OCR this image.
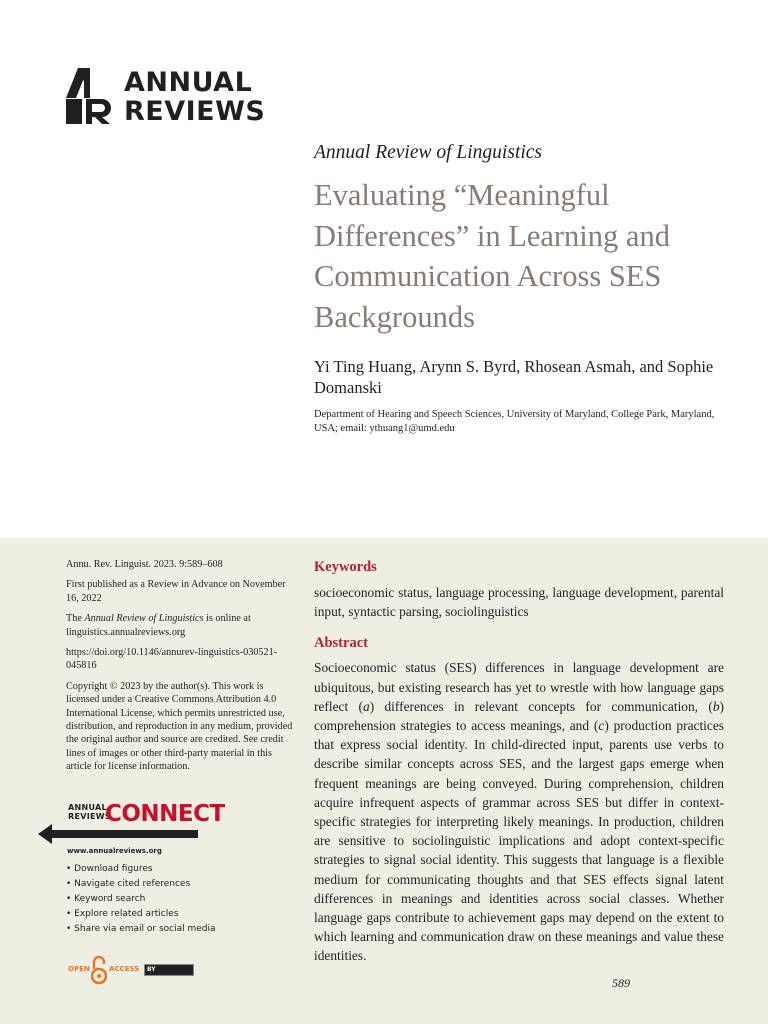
ANNUAL
REVIEWS
Annual Review of Linguistics
Evaluating “Meaningful Differences” in Learning and Communication Across SES Backgrounds
Yi Ting Huang, Arynn S. Byrd, Rhosean Asmah, and Sophie Domanski
Department of Hearing and Speech Sciences, University of Maryland, College Park, Maryland, USA; email: ythuang1@umd.edu

Annu. Rev. Linguist. 2023. 9:589–608

First published as a Review in Advance on November 16, 2022

The Annual Review of Linguistics is online at linguistics.annualreviews.org

https://doi.org/10.1146/annurev-linguistics-030521-045816

Copyright © 2023 by the author(s). This work is licensed under a Creative Commons Attribution 4.0 International License, which permits unrestricted use, distribution, and reproduction in any medium, provided the original author and source are credited. See credit lines of images or other third-party material in this article for license information.

ANNUAL
REVIEWS
CONNECT
www.annualreviews.org
• Download figures
• Navigate cited references
• Keyword search
• Explore related articles
• Share via email or social media
Keywords

socioeconomic status, language processing, language development, parental input, syntactic parsing, sociolinguistics

Abstract

Socioeconomic status (SES) differences in language development are ubiquitous, but existing research has yet to wrestle with how language gaps reflect (a) differences in relevant concepts for communication, (b) comprehension strategies to access meanings, and (c) production practices that express social identity. In child-directed input, parents use verbs to describe similar concepts across SES, and the largest gaps emerge when frequent meanings are being conveyed. During comprehension, children acquire infrequent aspects of grammar across SES but differ in context-specific strategies for interpreting likely meanings. In production, children are sensitive to sociolinguistic implications and adopt context-specific strategies to signal social identity. This suggests that language is a flexible medium for communicating thoughts and that SES effects signal latent differences in meanings and identities across social classes. Whether language gaps contribute to achievement gaps may depend on the extent to which learning and communication draw on these meanings and value these identities.

OPEN	ACCESS BY
589
